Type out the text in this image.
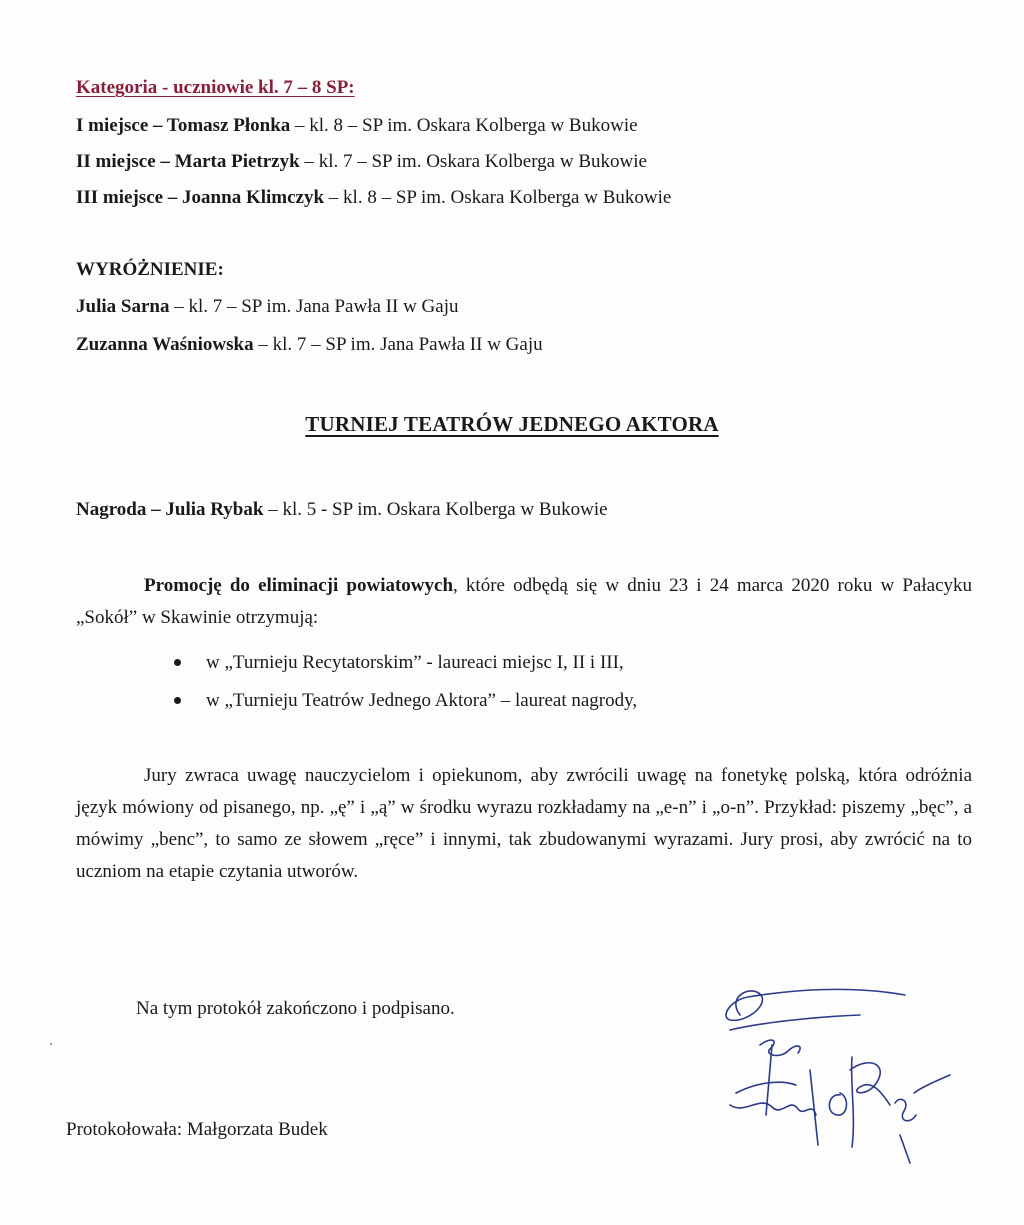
Kategoria - uczniowie kl. 7 – 8 SP:
I miejsce – Tomasz Płonka – kl. 8 – SP im. Oskara Kolberga w Bukowie
II miejsce – Marta Pietrzyk – kl. 7 – SP im. Oskara Kolberga w Bukowie
III miejsce – Joanna Klimczyk – kl. 8 – SP im. Oskara Kolberga w Bukowie
WYRÓŻNIENIE:
Julia Sarna – kl. 7 – SP im. Jana Pawła II w Gaju
Zuzanna Waśniowska – kl. 7 – SP im. Jana Pawła II w Gaju
TURNIEJ TEATRÓW JEDNEGO AKTORA
Nagroda – Julia Rybak – kl. 5 - SP im. Oskara Kolberga w Bukowie
Promocję do eliminacji powiatowych, które odbędą się w dniu 23 i 24 marca 2020 roku w Pałacyku „Sokół” w Skawinie otrzymują:
w „Turnieju Recytatorskim” - laureaci miejsc I, II i III,
w „Turnieju Teatrów Jednego Aktora” – laureat nagrody,
Jury zwraca uwagę nauczycielom i opiekunom, aby zwrócili uwagę na fonetykę polską, która odróżnia język mówiony od pisanego, np. „ę” i „ą” w środku wyrazu rozkładamy na „e-n” i „o-n”. Przykład: piszemy „bęc”, a mówimy „benc”, to samo ze słowem „ręce” i innymi, tak zbudowanymi wyrazami. Jury prosi, aby zwrócić na to uczniom na etapie czytania utworów.
Na tym protokół zakończono i podpisano.
Protokołowała: Małgorzata Budek
